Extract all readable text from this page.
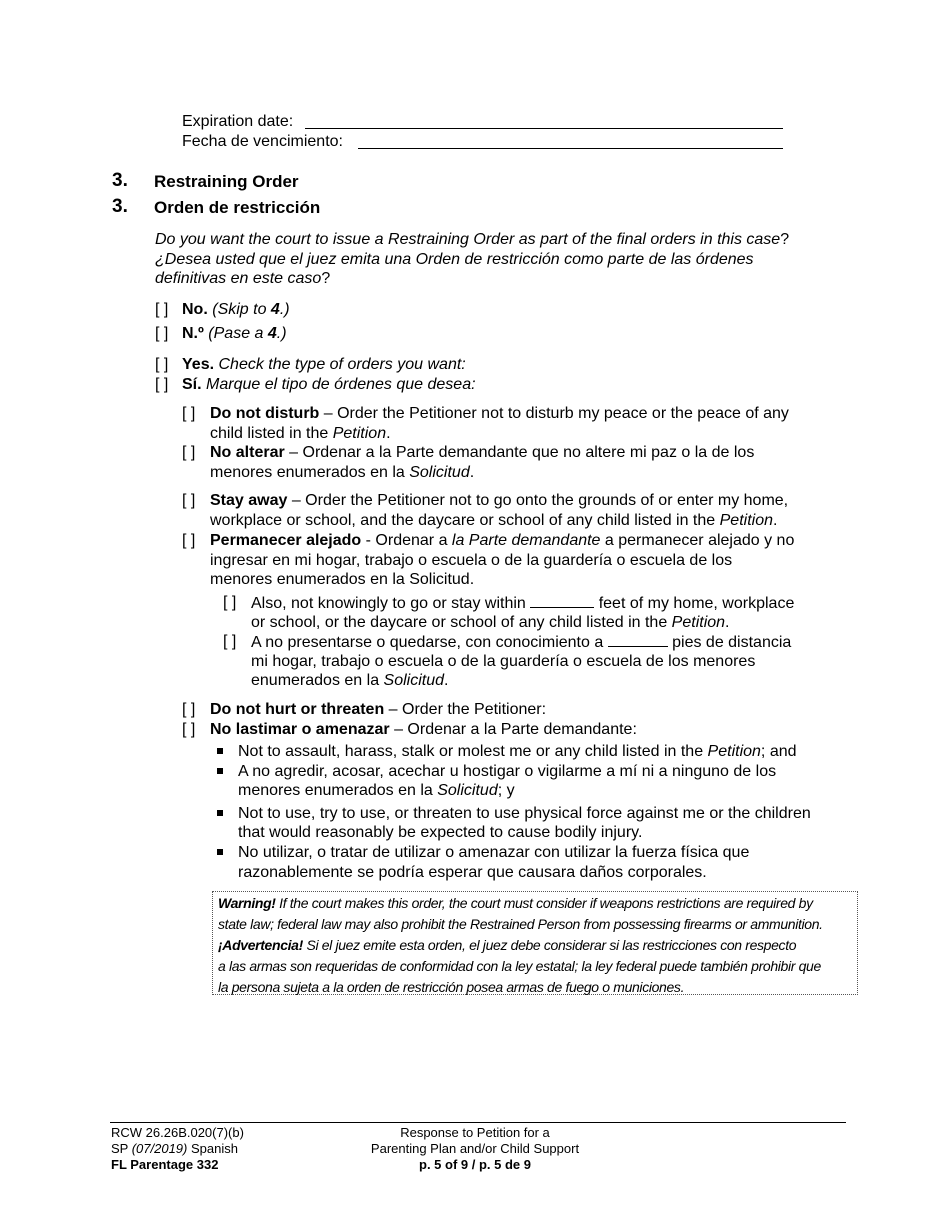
Expiration date:
Fecha de vencimiento:
3. Restraining Order
3. Orden de restricción
Do you want the court to issue a Restraining Order as part of the final orders in this case?
¿Desea usted que el juez emita una Orden de restricción como parte de las órdenes
definitivas en este caso?
[ ] No. (Skip to 4.)
[ ] N.º (Pase a 4.)
[ ] Yes. Check the type of orders you want:
[ ] Sí. Marque el tipo de órdenes que desea:
[ ] Do not disturb – Order the Petitioner not to disturb my peace or the peace of any
child listed in the Petition.
[ ] No alterar – Ordenar a la Parte demandante que no altere mi paz o la de los
menores enumerados en la Solicitud.
[ ] Stay away – Order the Petitioner not to go onto the grounds of or enter my home,
workplace or school, and the daycare or school of any child listed in the Petition.
[ ] Permanecer alejado - Ordenar a la Parte demandante a permanecer alejado y no
ingresar en mi hogar, trabajo o escuela o de la guardería o escuela de los
menores enumerados en la Solicitud.
[ ] Also, not knowingly to go or stay within	feet of my home, workplace
or school, or the daycare or school of any child listed in the Petition.
[ ] A no presentarse o quedarse, con conocimiento a	pies de distancia
mi hogar, trabajo o escuela o de la guardería o escuela de los menores
enumerados en la Solicitud.
[ ] Do not hurt or threaten – Order the Petitioner:
[ ] No lastimar o amenazar – Ordenar a la Parte demandante:
Not to assault, harass, stalk or molest me or any child listed in the Petition; and
A no agredir, acosar, acechar u hostigar o vigilarme a mí ni a ninguno de los
menores enumerados en la Solicitud; y
Not to use, try to use, or threaten to use physical force against me or the children
that would reasonably be expected to cause bodily injury.
No utilizar, o tratar de utilizar o amenazar con utilizar la fuerza física que
razonablemente se podría esperar que causara daños corporales.
Warning! If the court makes this order, the court must consider if weapons restrictions are required by
state law; federal law may also prohibit the Restrained Person from possessing firearms or ammunition.
¡Advertencia! Si el juez emite esta orden, el juez debe considerar si las restricciones con respecto
a las armas son requeridas de conformidad con la ley estatal; la ley federal puede también prohibir que
la persona sujeta a la orden de restricción posea armas de fuego o municiones.
RCW 26.26B.020(7)(b)
SP (07/2019) Spanish
FL Parentage 332
Response to Petition for a
Parenting Plan and/or Child Support
p. 5 of 9 / p. 5 de 9
